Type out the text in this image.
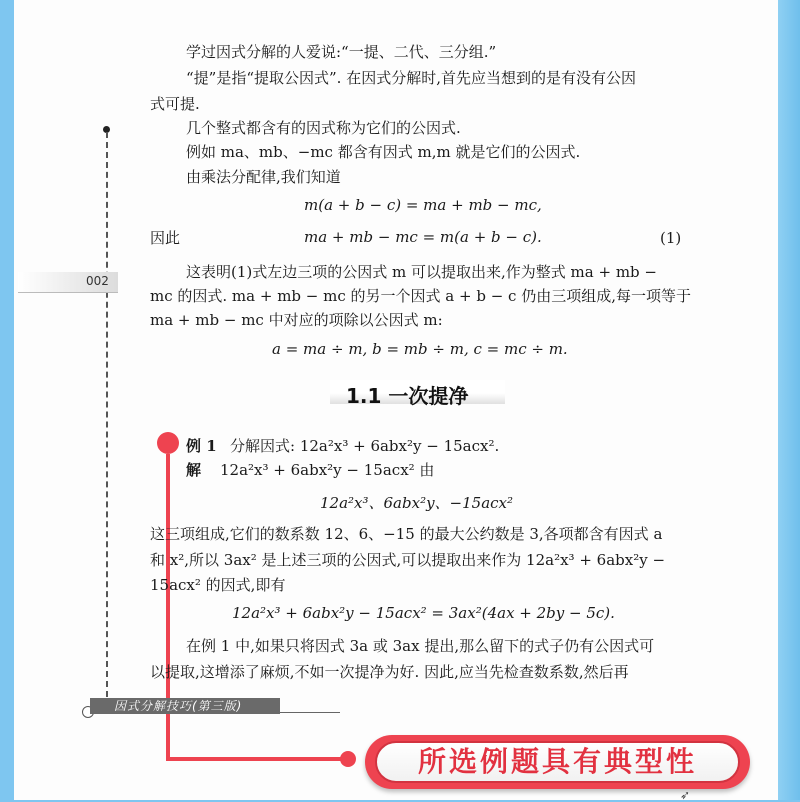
002
学过因式分解的人爱说:“一提、二代、三分组.”
“提”是指“提取公因式”. 在因式分解时,首先应当想到的是有没有公因
式可提.
几个整式都含有的因式称为它们的公因式.
例如 ma、mb、−mc 都含有因式 m,m 就是它们的公因式.
由乘法分配律,我们知道
m(a + b − c) = ma + mb − mc,
因此	ma + mb − mc = m(a + b − c).	(1)
这表明(1)式左边三项的公因式 m 可以提取出来,作为整式 ma + mb −
mc 的因式. ma + mb − mc 的另一个因式 a + b − c 仍由三项组成,每一项等于
ma + mb − mc 中对应的项除以公因式 m:
a = ma ÷ m, b = mb ÷ m, c = mc ÷ m.
1.1 一次提净
例 1 分解因式: 12a²x³ + 6abx²y − 15acx².
解 12a²x³ + 6abx²y − 15acx² 由
12a²x³、6abx²y、−15acx²
这三项组成,它们的数系数 12、6、−15 的最大公约数是 3,各项都含有因式 a
和 x²,所以 3ax² 是上述三项的公因式,可以提取出来作为 12a²x³ + 6abx²y −
15acx² 的因式,即有
12a²x³ + 6abx²y − 15acx² = 3ax²(4ax + 2by − 5c).
在例 1 中,如果只将因式 3a 或 3ax 提出,那么留下的式子仍有公因式可
以提取,这增添了麻烦,不如一次提净为好. 因此,应当先检查数系数,然后再
因式分解技巧(第三版)
所选例题具有典型性
➶
